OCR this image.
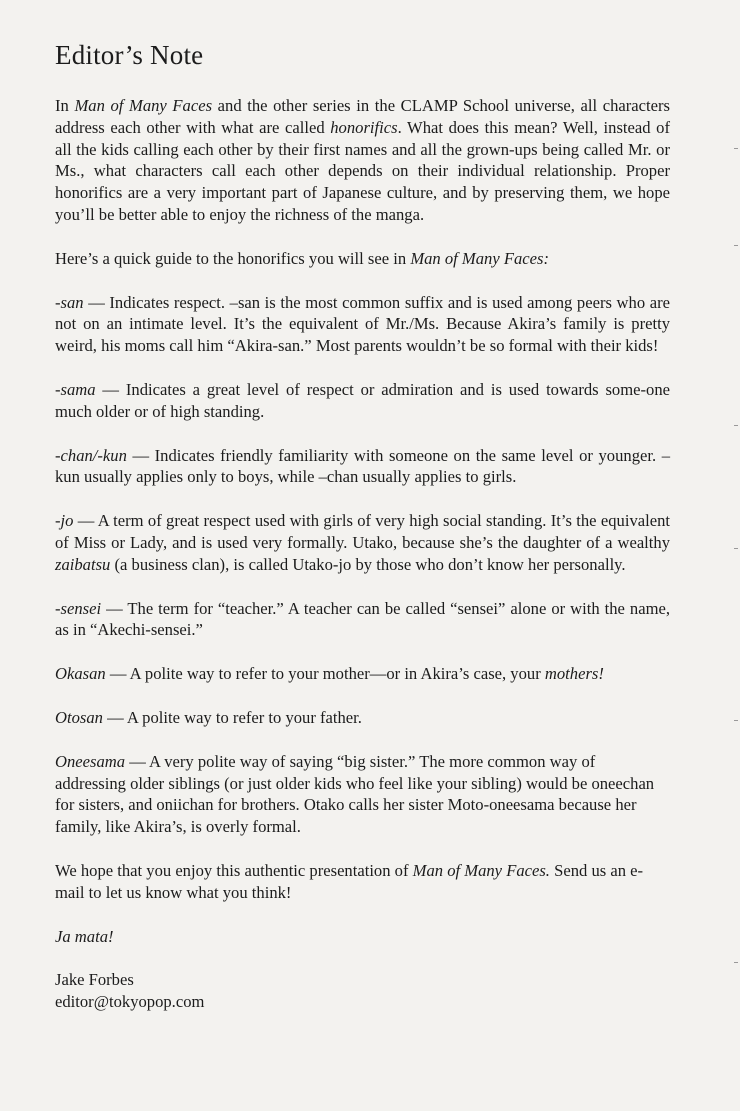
Editor’s Note

In Man of Many Faces and the other series in the CLAMP School universe, all characters address each other with what are called honorifics. What does this mean? Well, instead of all the kids calling each other by their first names and all the grown-ups being called Mr. or Ms., what characters call each other depends on their individual relationship. Proper honorifics are a very important part of Japanese culture, and by preserving them, we hope you’ll be better able to enjoy the richness of the manga.

Here’s a quick guide to the honorifics you will see in Man of Many Faces:

-san — Indicates respect. –san is the most common suffix and is used among peers who are not on an intimate level. It’s the equivalent of Mr./Ms. Because Akira’s family is pretty weird, his moms call him “Akira-san.” Most parents wouldn’t be so formal with their kids!

-sama — Indicates a great level of respect or admiration and is used towards some-one much older or of high standing.

-chan/-kun — Indicates friendly familiarity with someone on the same level or younger. –kun usually applies only to boys, while –chan usually applies to girls.

-jo — A term of great respect used with girls of very high social standing. It’s the equivalent of Miss or Lady, and is used very formally. Utako, because she’s the daughter of a wealthy zaibatsu (a business clan), is called Utako-jo by those who don’t know her personally.

-sensei — The term for “teacher.” A teacher can be called “sensei” alone or with the name, as in “Akechi-sensei.”

Okasan — A polite way to refer to your mother—or in Akira’s case, your mothers!

Otosan — A polite way to refer to your father.

Oneesama — A very polite way of saying “big sister.” The more common way of addressing older siblings (or just older kids who feel like your sibling) would be oneechan for sisters, and oniichan for brothers. Otako calls her sister Moto-oneesama because her family, like Akira’s, is overly formal.

We hope that you enjoy this authentic presentation of Man of Many Faces. Send us an e-mail to let us know what you think!

Ja mata!

Jake Forbes

editor@tokyopop.com
